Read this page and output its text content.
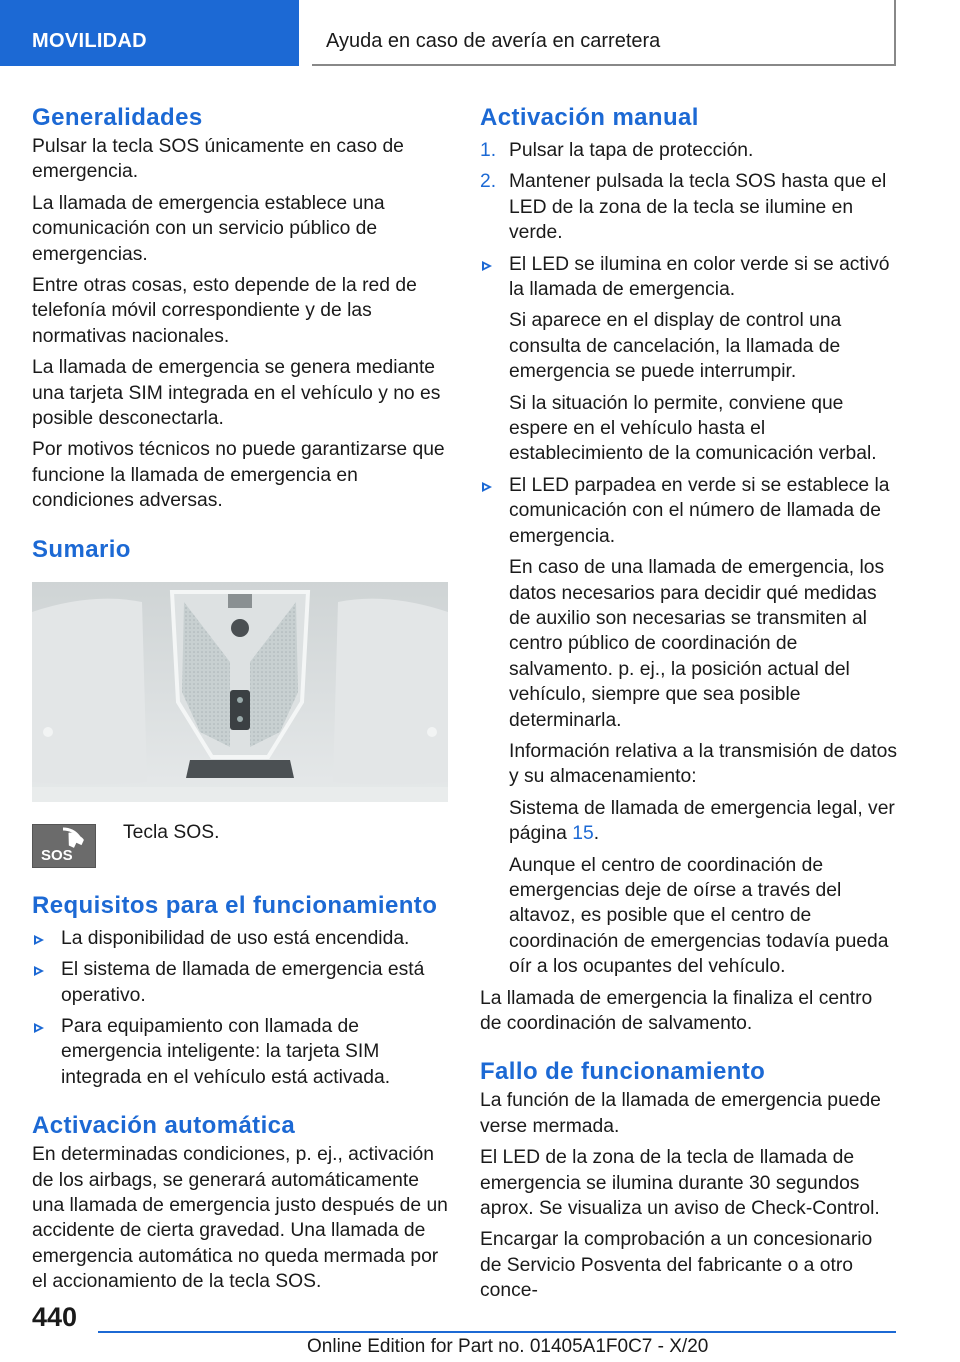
MOVILIDAD	Ayuda en caso de avería en carretera
Generalidades

Pulsar la tecla SOS únicamente en caso de emergencia.

La llamada de emergencia establece una comunicación con un servicio público de emergencias.

Entre otras cosas, esto depende de la red de telefonía móvil correspondiente y de las normativas nacionales.

La llamada de emergencia se genera mediante una tarjeta SIM integrada en el vehículo y no es posible desconectarla.

Por motivos técnicos no puede garantizarse que funcione la llamada de emergencia en condiciones adversas.

Sumario
SOS
Tecla SOS.
Requisitos para el funcionamiento
La disponibilidad de uso está encendida.
El sistema de llamada de emergencia está operativo.
Para equipamiento con llamada de emergencia inteligente: la tarjeta SIM integrada en el vehículo está activada.
Activación automática

En determinadas condiciones, p. ej., activación de los airbags, se generará automáticamente una llamada de emergencia justo después de un accidente de cierta gravedad. Una llamada de emergencia automática no queda mermada por el accionamiento de la tecla SOS.

Activación manual
1. Pulsar la tapa de protección.
2. Mantener pulsada la tecla SOS hasta que el LED de la zona de la tecla se ilumine en verde.
El LED se ilumina en color verde si se activó la llamada de emergencia.

Si aparece en el display de control una consulta de cancelación, la llamada de emergencia se puede interrumpir.

Si la situación lo permite, conviene que espere en el vehículo hasta el establecimiento de la comunicación verbal.

El LED parpadea en verde si se establece la comunicación con el número de llamada de emergencia.

En caso de una llamada de emergencia, los datos necesarios para decidir qué medidas de auxilio son necesarias se transmiten al centro público de coordinación de salvamento. p. ej., la posición actual del vehículo, siempre que sea posible determinarla.

Información relativa a la transmisión de datos y su almacenamiento:

Sistema de llamada de emergencia legal, ver página 15.

Aunque el centro de coordinación de emergencias deje de oírse a través del altavoz, es posible que el centro de coordinación de emergencias todavía pueda oír a los ocupantes del vehículo.

La llamada de emergencia la finaliza el centro de coordinación de salvamento.

Fallo de funcionamiento

La función de la llamada de emergencia puede verse mermada.

El LED de la zona de la tecla de llamada de emergencia se ilumina durante 30 segundos aprox. Se visualiza un aviso de Check-Control.

Encargar la comprobación a un concesionario de Servicio Posventa del fabricante o a otro conce-

440
Online Edition for Part no. 01405A1F0C7 - X/20
